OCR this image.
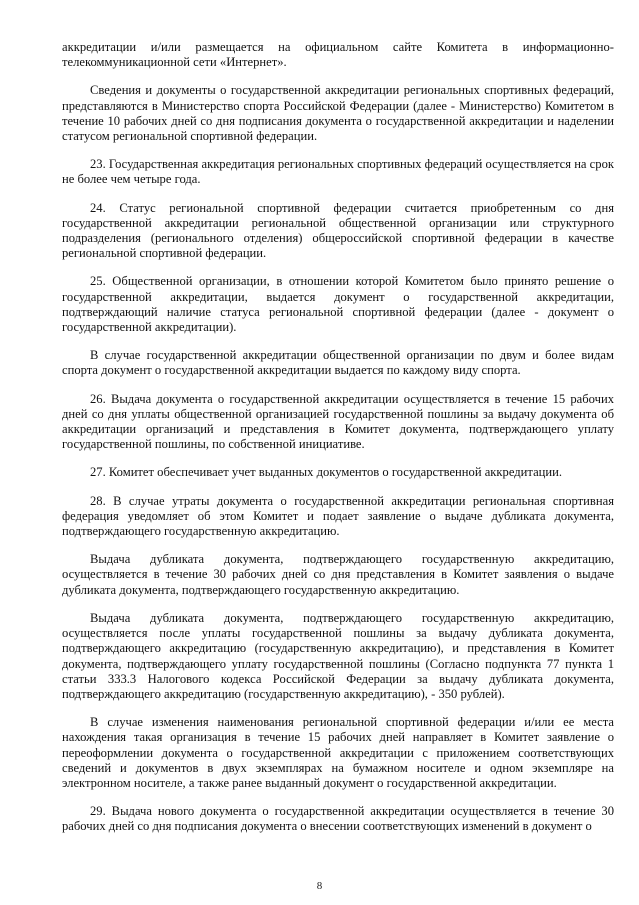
аккредитации и/или размещается на официальном сайте Комитета в информационно-телекоммуникационной сети «Интернет».

Сведения и документы о государственной аккредитации региональных спортивных федераций, представляются в Министерство спорта Российской Федерации (далее - Министерство) Комитетом в течение 10 рабочих дней со дня подписания документа о государственной аккредитации и наделении статусом региональной спортивной федерации.

23. Государственная аккредитация региональных спортивных федераций осуществляется на срок не более чем четыре года.

24. Статус региональной спортивной федерации считается приобретенным со дня государственной аккредитации региональной общественной организации или структурного подразделения (регионального отделения) общероссийской спортивной федерации в качестве региональной спортивной федерации.

25. Общественной организации, в отношении которой Комитетом было принято решение о государственной аккредитации, выдается документ о государственной аккредитации, подтверждающий наличие статуса региональной спортивной федерации (далее - документ о государственной аккредитации).

В случае государственной аккредитации общественной организации по двум и более видам спорта документ о государственной аккредитации выдается по каждому виду спорта.

26. Выдача документа о государственной аккредитации осуществляется в течение 15 рабочих дней со дня уплаты общественной организацией государственной пошлины за выдачу документа об аккредитации организаций и представления в Комитет документа, подтверждающего уплату государственной пошлины, по собственной инициативе.

27. Комитет обеспечивает учет выданных документов о государственной аккредитации.

28. В случае утраты документа о государственной аккредитации региональная спортивная федерация уведомляет об этом Комитет и подает заявление о выдаче дубликата документа, подтверждающего государственную аккредитацию.

Выдача дубликата документа, подтверждающего государственную аккредитацию, осуществляется в течение 30 рабочих дней со дня представления в Комитет заявления о выдаче дубликата документа, подтверждающего государственную аккредитацию.

Выдача дубликата документа, подтверждающего государственную аккредитацию, осуществляется после уплаты государственной пошлины за выдачу дубликата документа, подтверждающего аккредитацию (государственную аккредитацию), и представления в Комитет документа, подтверждающего уплату государственной пошлины (Согласно подпункта 77 пункта 1 статьи 333.3 Налогового кодекса Российской Федерации за выдачу дубликата документа, подтверждающего аккредитацию (государственную аккредитацию), - 350 рублей).

В случае изменения наименования региональной спортивной федерации и/или ее места нахождения такая организация в течение 15 рабочих дней направляет в Комитет заявление о переоформлении документа о государственной аккредитации с приложением соответствующих сведений и документов в двух экземплярах на бумажном носителе и одном экземпляре на электронном носителе, а также ранее выданный документ о государственной аккредитации.

29. Выдача нового документа о государственной аккредитации осуществляется в течение 30 рабочих дней со дня подписания документа о внесении соответствующих изменений в документ о

8
